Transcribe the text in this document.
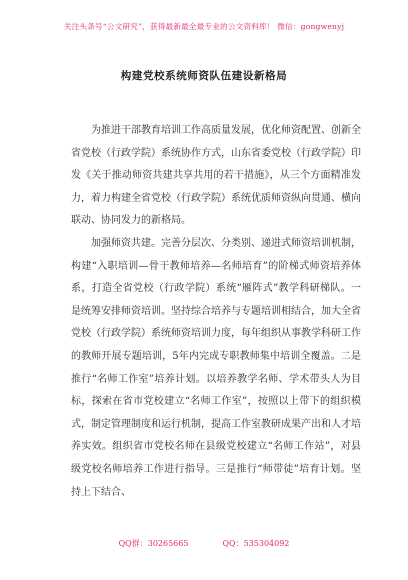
关注头条号“公文研究”，获得最新最全最专业的公文资料库！ 微信：gongwenyj
构建党校系统师资队伍建设新格局

为推进干部教育培训工作高质量发展，优化师资配置、创新全省党校（行政学院）系统协作方式，山东省委党校（行政学院）印发《关于推动师资共建共享共用的若干措施》，从三个方面精准发力，着力构建全省党校（行政学院）系统优质师资纵向贯通、横向联动、协同发力的新格局。

加强师资共建。完善分层次、分类别、递进式师资培训机制，构建“入职培训—骨干教师培养—名师培育”的阶梯式师资培养体系，打造全省党校（行政学院）系统“雁阵式”教学科研梯队。一是统筹安排师资培训。坚持综合培养与专题培训相结合，加大全省党校（行政学院）系统师资培训力度，每年组织从事教学科研工作的教师开展专题培训，5年内完成专职教师集中培训全覆盖。二是推行“名师工作室”培养计划。以培养教学名师、学术带头人为目标，探索在省市党校建立“名师工作室”，按照以上带下的组织模式，制定管理制度和运行机制，提高工作室教研成果产出和人才培养实效。组织省市党校名师在县级党校建立“名师工作站”，对县级党校名师培养工作进行指导。三是推行“师带徒”培育计划。坚持上下结合、

QQ群：30265665	QQ：535304092
